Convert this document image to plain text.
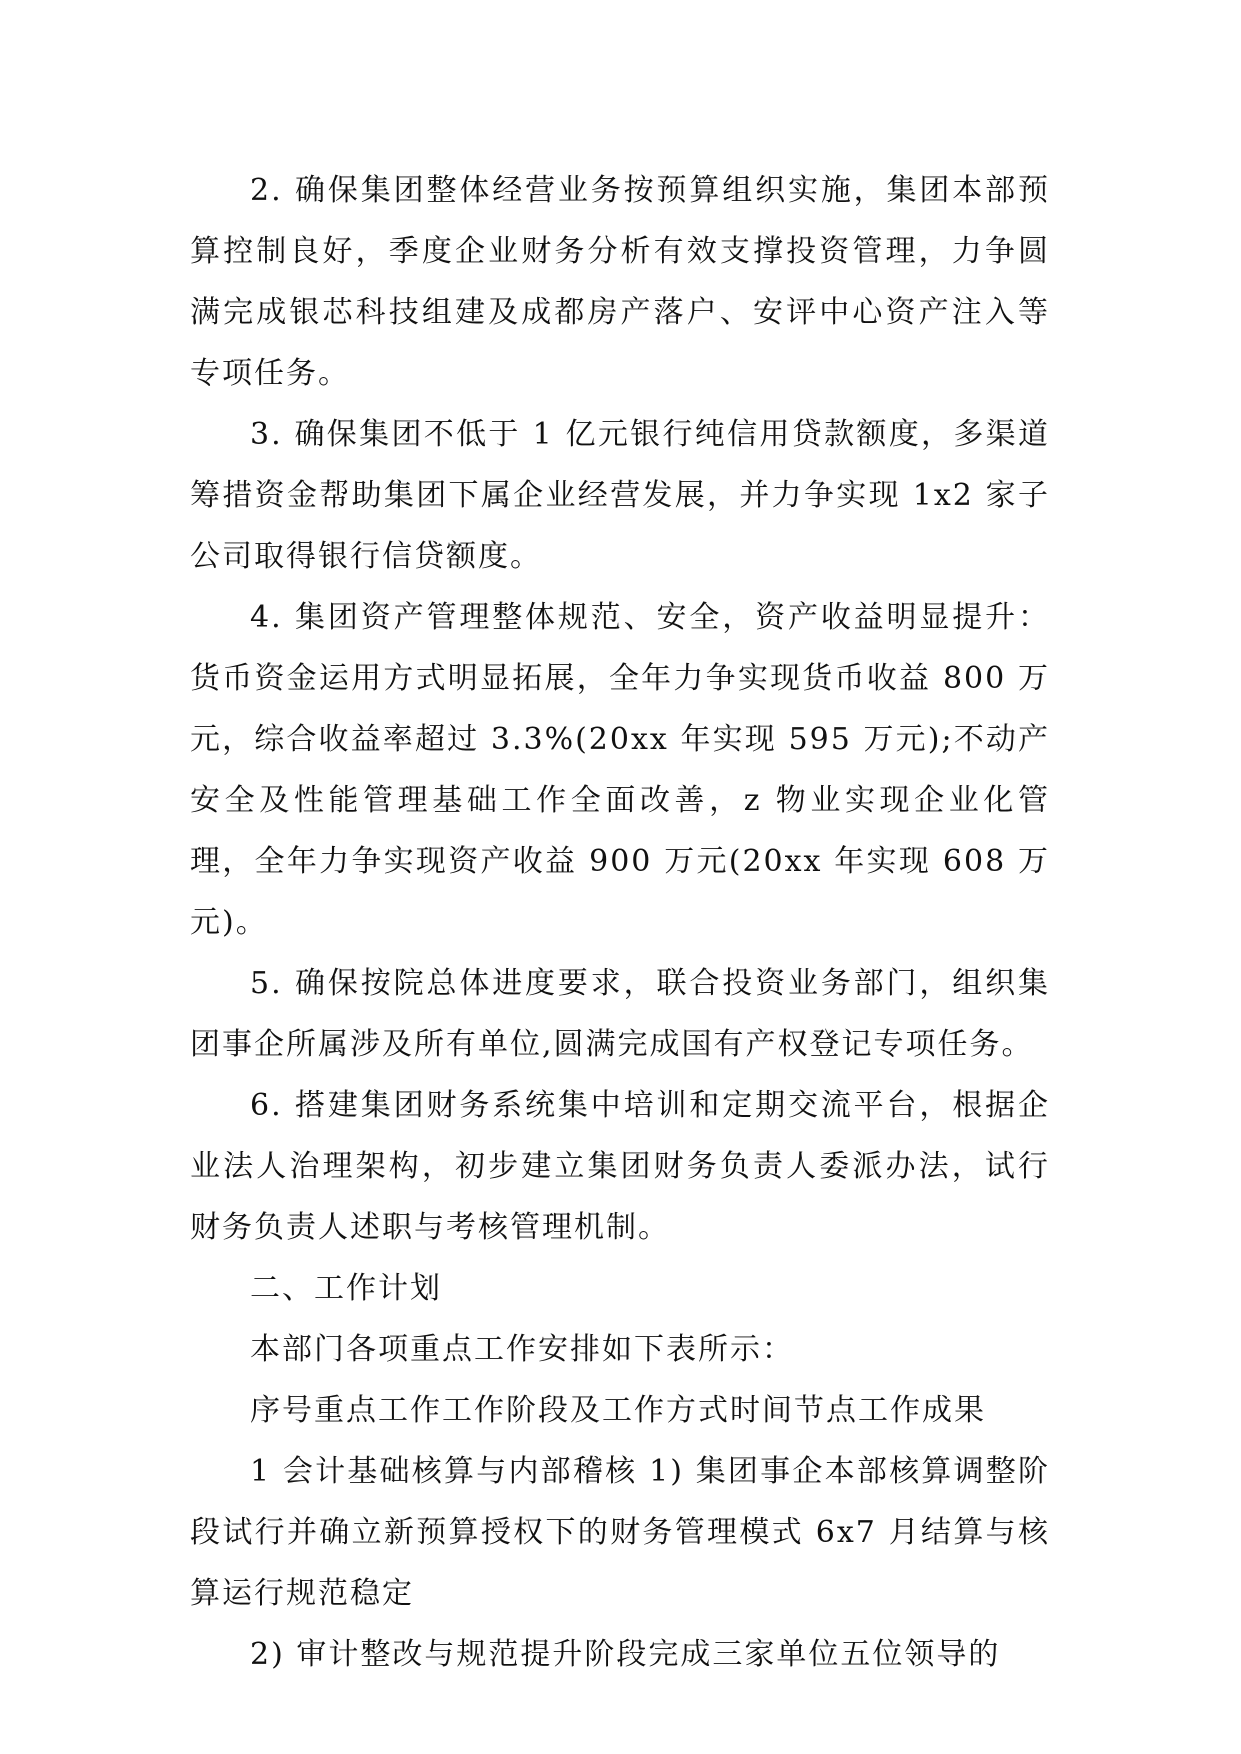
2. 确保集团整体经营业务按预算组织实施，集团本部预算控制良好，季度企业财务分析有效支撑投资管理，力争圆满完成银芯科技组建及成都房产落户、安评中心资产注入等专项任务。

3. 确保集团不低于 1 亿元银行纯信用贷款额度，多渠道筹措资金帮助集团下属企业经营发展，并力争实现 1x2 家子公司取得银行信贷额度。

4. 集团资产管理整体规范、安全，资产收益明显提升：货币资金运用方式明显拓展，全年力争实现货币收益 800 万元，综合收益率超过 3.3%(20xx 年实现 595 万元);不动产安全及性能管理基础工作全面改善，z 物业实现企业化管理，全年力争实现资产收益 900 万元(20xx 年实现 608 万元)。

5. 确保按院总体进度要求，联合投资业务部门，组织集团事企所属涉及所有单位,圆满完成国有产权登记专项任务。

6. 搭建集团财务系统集中培训和定期交流平台，根据企业法人治理架构，初步建立集团财务负责人委派办法，试行财务负责人述职与考核管理机制。

二、工作计划

本部门各项重点工作安排如下表所示：

序号重点工作工作阶段及工作方式时间节点工作成果

1 会计基础核算与内部稽核 1) 集团事企本部核算调整阶段试行并确立新预算授权下的财务管理模式 6x7 月结算与核算运行规范稳定

2) 审计整改与规范提升阶段完成三家单位五位领导的
